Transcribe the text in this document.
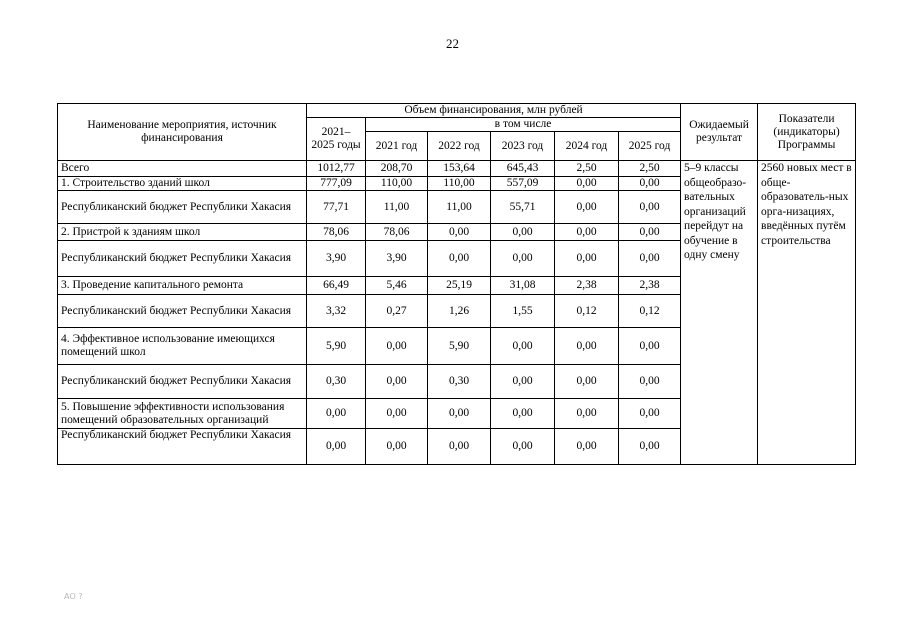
22
Наименование мероприятия, источник финансирования	Объем финансирования, млн рублей						Ожидаемый результат	Показатели (индикаторы) Программы
	2021– 2025 годы	в том числе						
		2021 год	2022 год	2023 год	2024 год	2025 год		
Всего	1012,77	208,70	153,64	645,43	2,50	2,50	5–9 классы общеобразо-вательных организаций перейдут на обучение в одну смену	2560 новых мест в обще-образователь-ных орга-низациях, введённых путём строительства
1. Строительство зданий школ	777,09	110,00	110,00	557,09	0,00	0,00		
Республиканский бюджет Республики Хакасия	77,71	11,00	11,00	55,71	0,00	0,00		
2. Пристрой к зданиям школ	78,06	78,06	0,00	0,00	0,00	0,00		
Республиканский бюджет Республики Хакасия	3,90	3,90	0,00	0,00	0,00	0,00		
3. Проведение капитального ремонта	66,49	5,46	25,19	31,08	2,38	2,38		
Республиканский бюджет Республики Хакасия	3,32	0,27	1,26	1,55	0,12	0,12		
4. Эффективное использование имеющихся помещений школ	5,90	0,00	5,90	0,00	0,00	0,00		
Республиканский бюджет Республики Хакасия	0,30	0,00	0,30	0,00	0,00	0,00		
5. Повышение эффективности использования помещений образовательных организаций	0,00	0,00	0,00	0,00	0,00	0,00		
Республиканский бюджет Республики Хакасия	0,00	0,00	0,00	0,00	0,00	0,00		
АО ?
